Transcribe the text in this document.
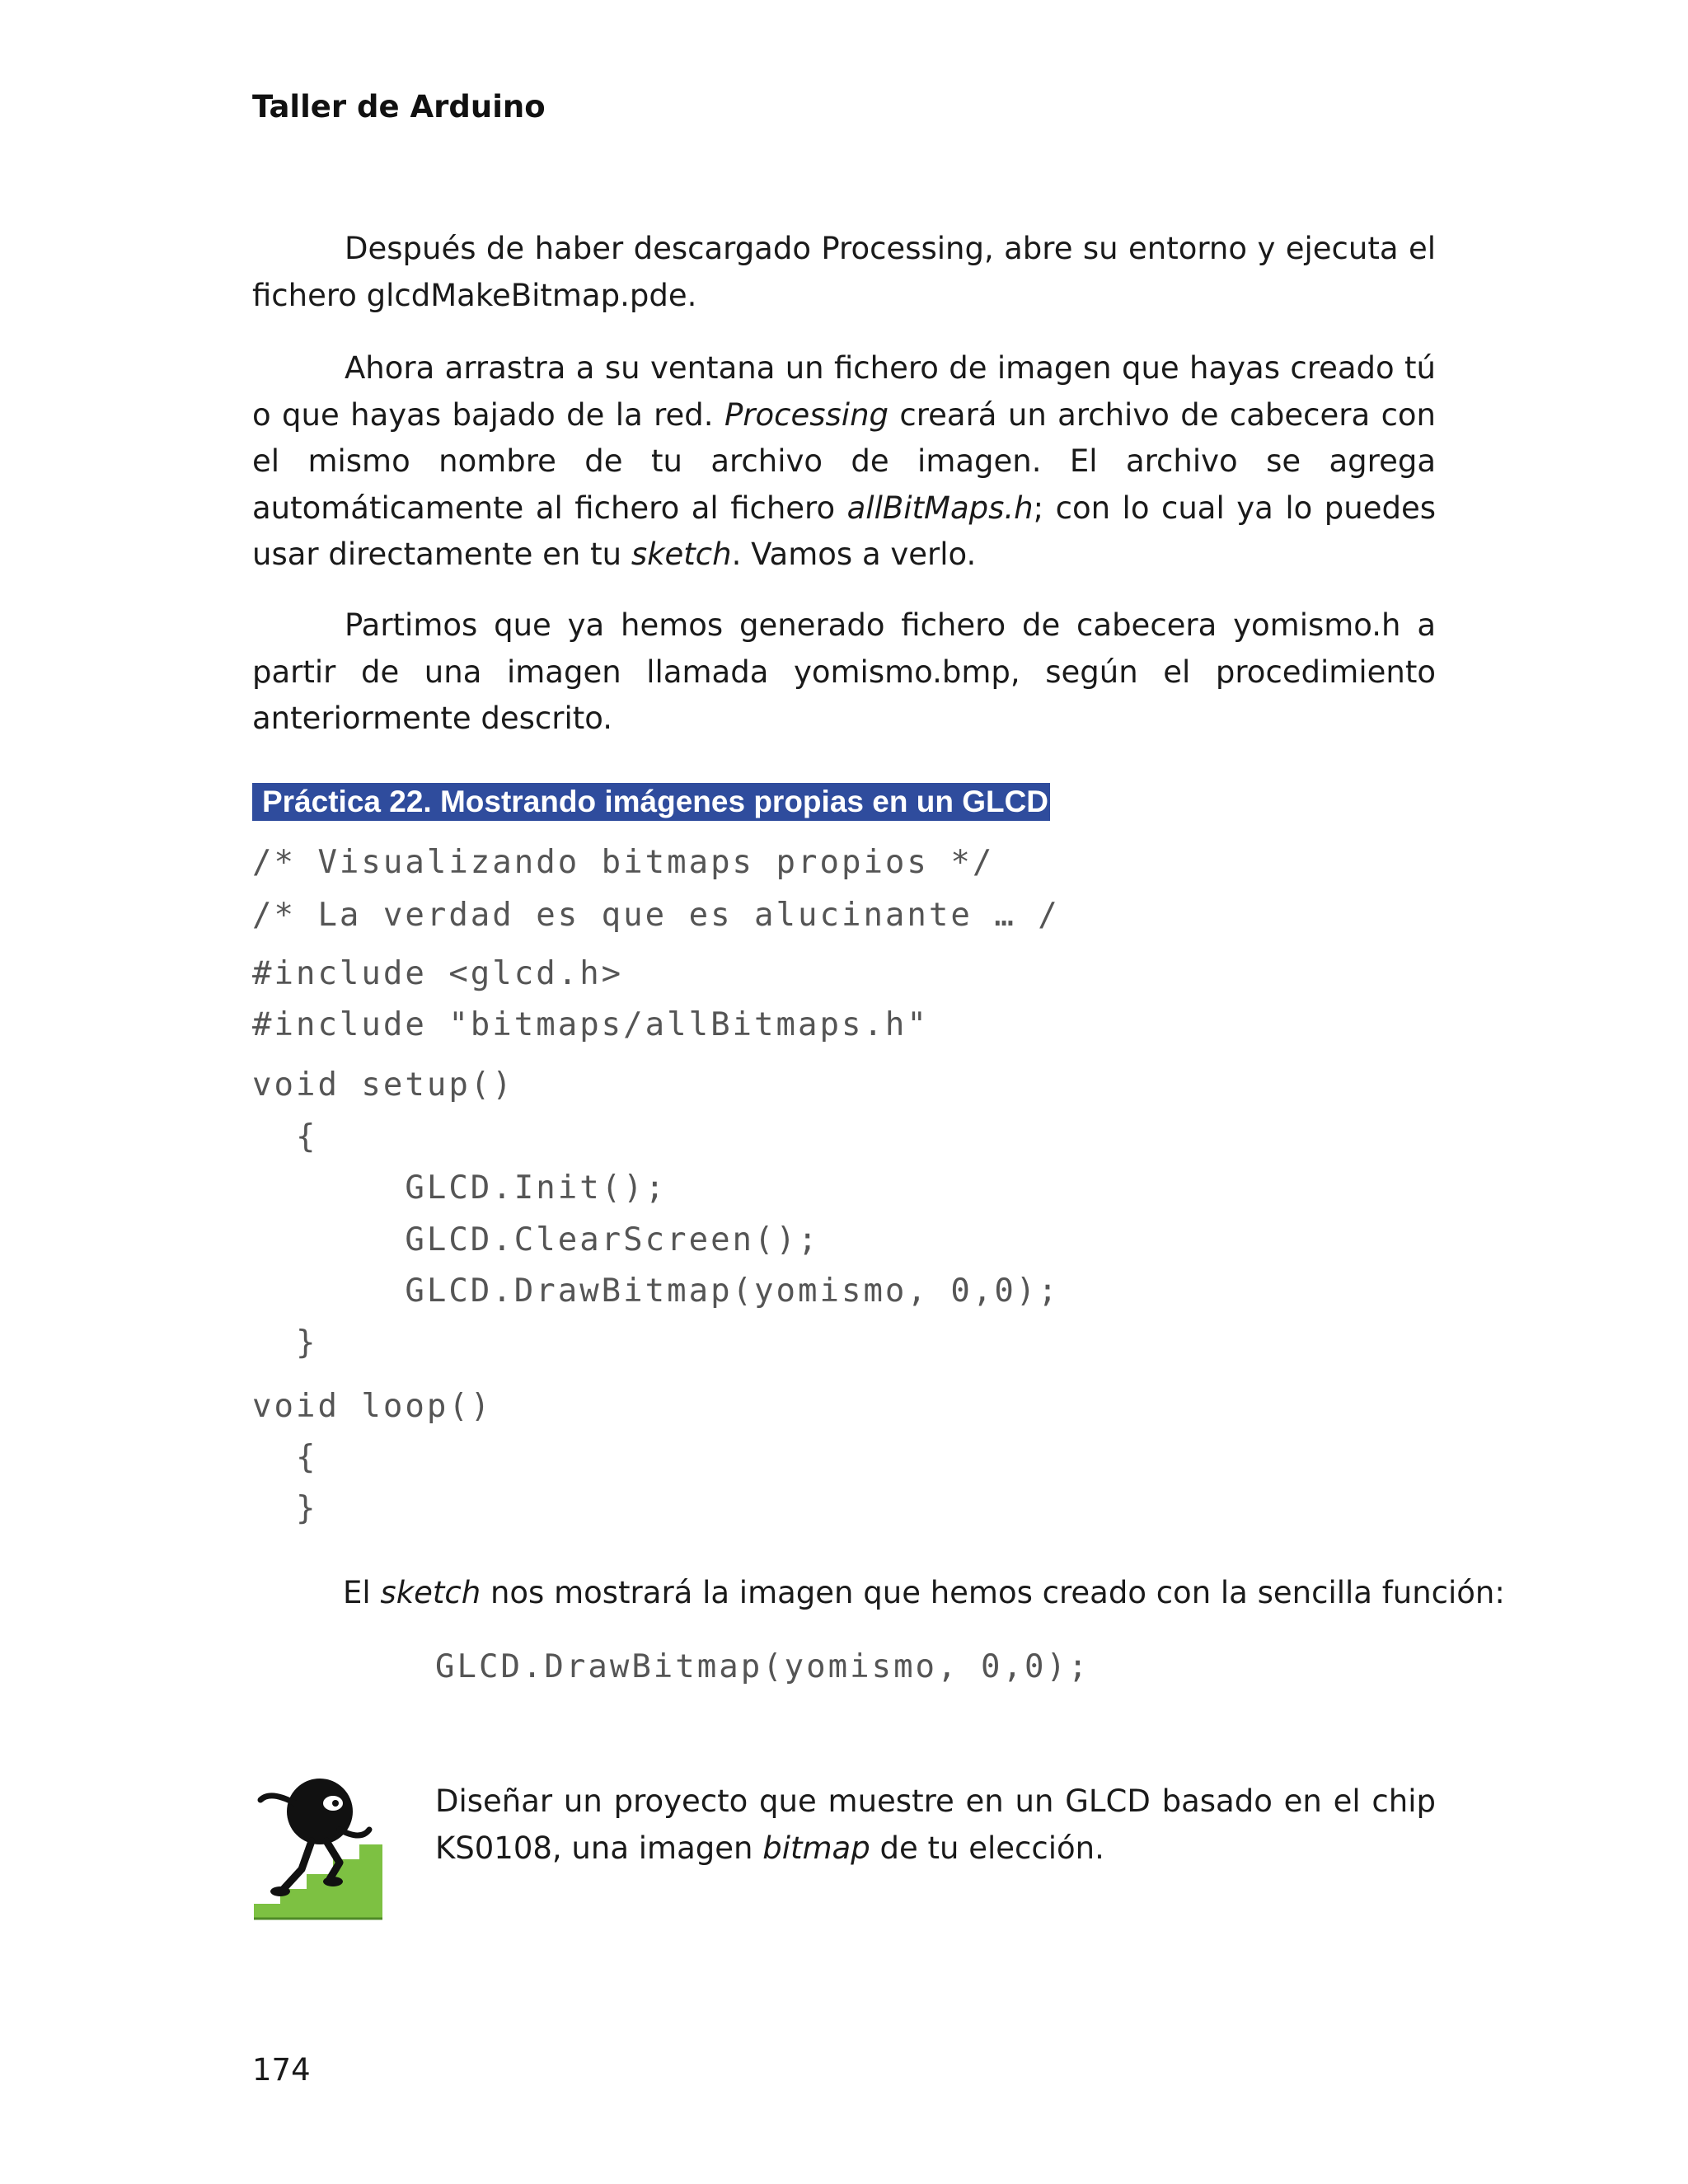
Taller de Arduino
Después de haber descargado Processing, abre su entorno y ejecuta el fichero glcdMakeBitmap.pde.
Ahora arrastra a su ventana un fichero de imagen que hayas creado tú o que hayas bajado de la red. Processing creará un archivo de cabecera con el mismo nombre de tu archivo de imagen. El archivo se agrega automáticamente al fichero al fichero allBitMaps.h; con lo cual ya lo puedes usar directamente en tu sketch. Vamos a verlo.
Partimos que ya hemos generado fichero de cabecera yomismo.h a partir de una imagen llamada yomismo.bmp, según el procedimiento anteriormente descrito.
Práctica 22. Mostrando imágenes propias en un GLCD
/* Visualizando bitmaps propios */
/* La verdad es que es alucinante … /
#include <glcd.h>
#include "bitmaps/allBitmaps.h"
void setup()
{
GLCD.Init();
GLCD.ClearScreen();
GLCD.DrawBitmap(yomismo, 0,0);
}
void loop()
{
}
El sketch nos mostrará la imagen que hemos creado con la sencilla función:
GLCD.DrawBitmap(yomismo, 0,0);
Diseñar un proyecto que muestre en un GLCD basado en el chip KS0108, una imagen bitmap de tu elección.
174
